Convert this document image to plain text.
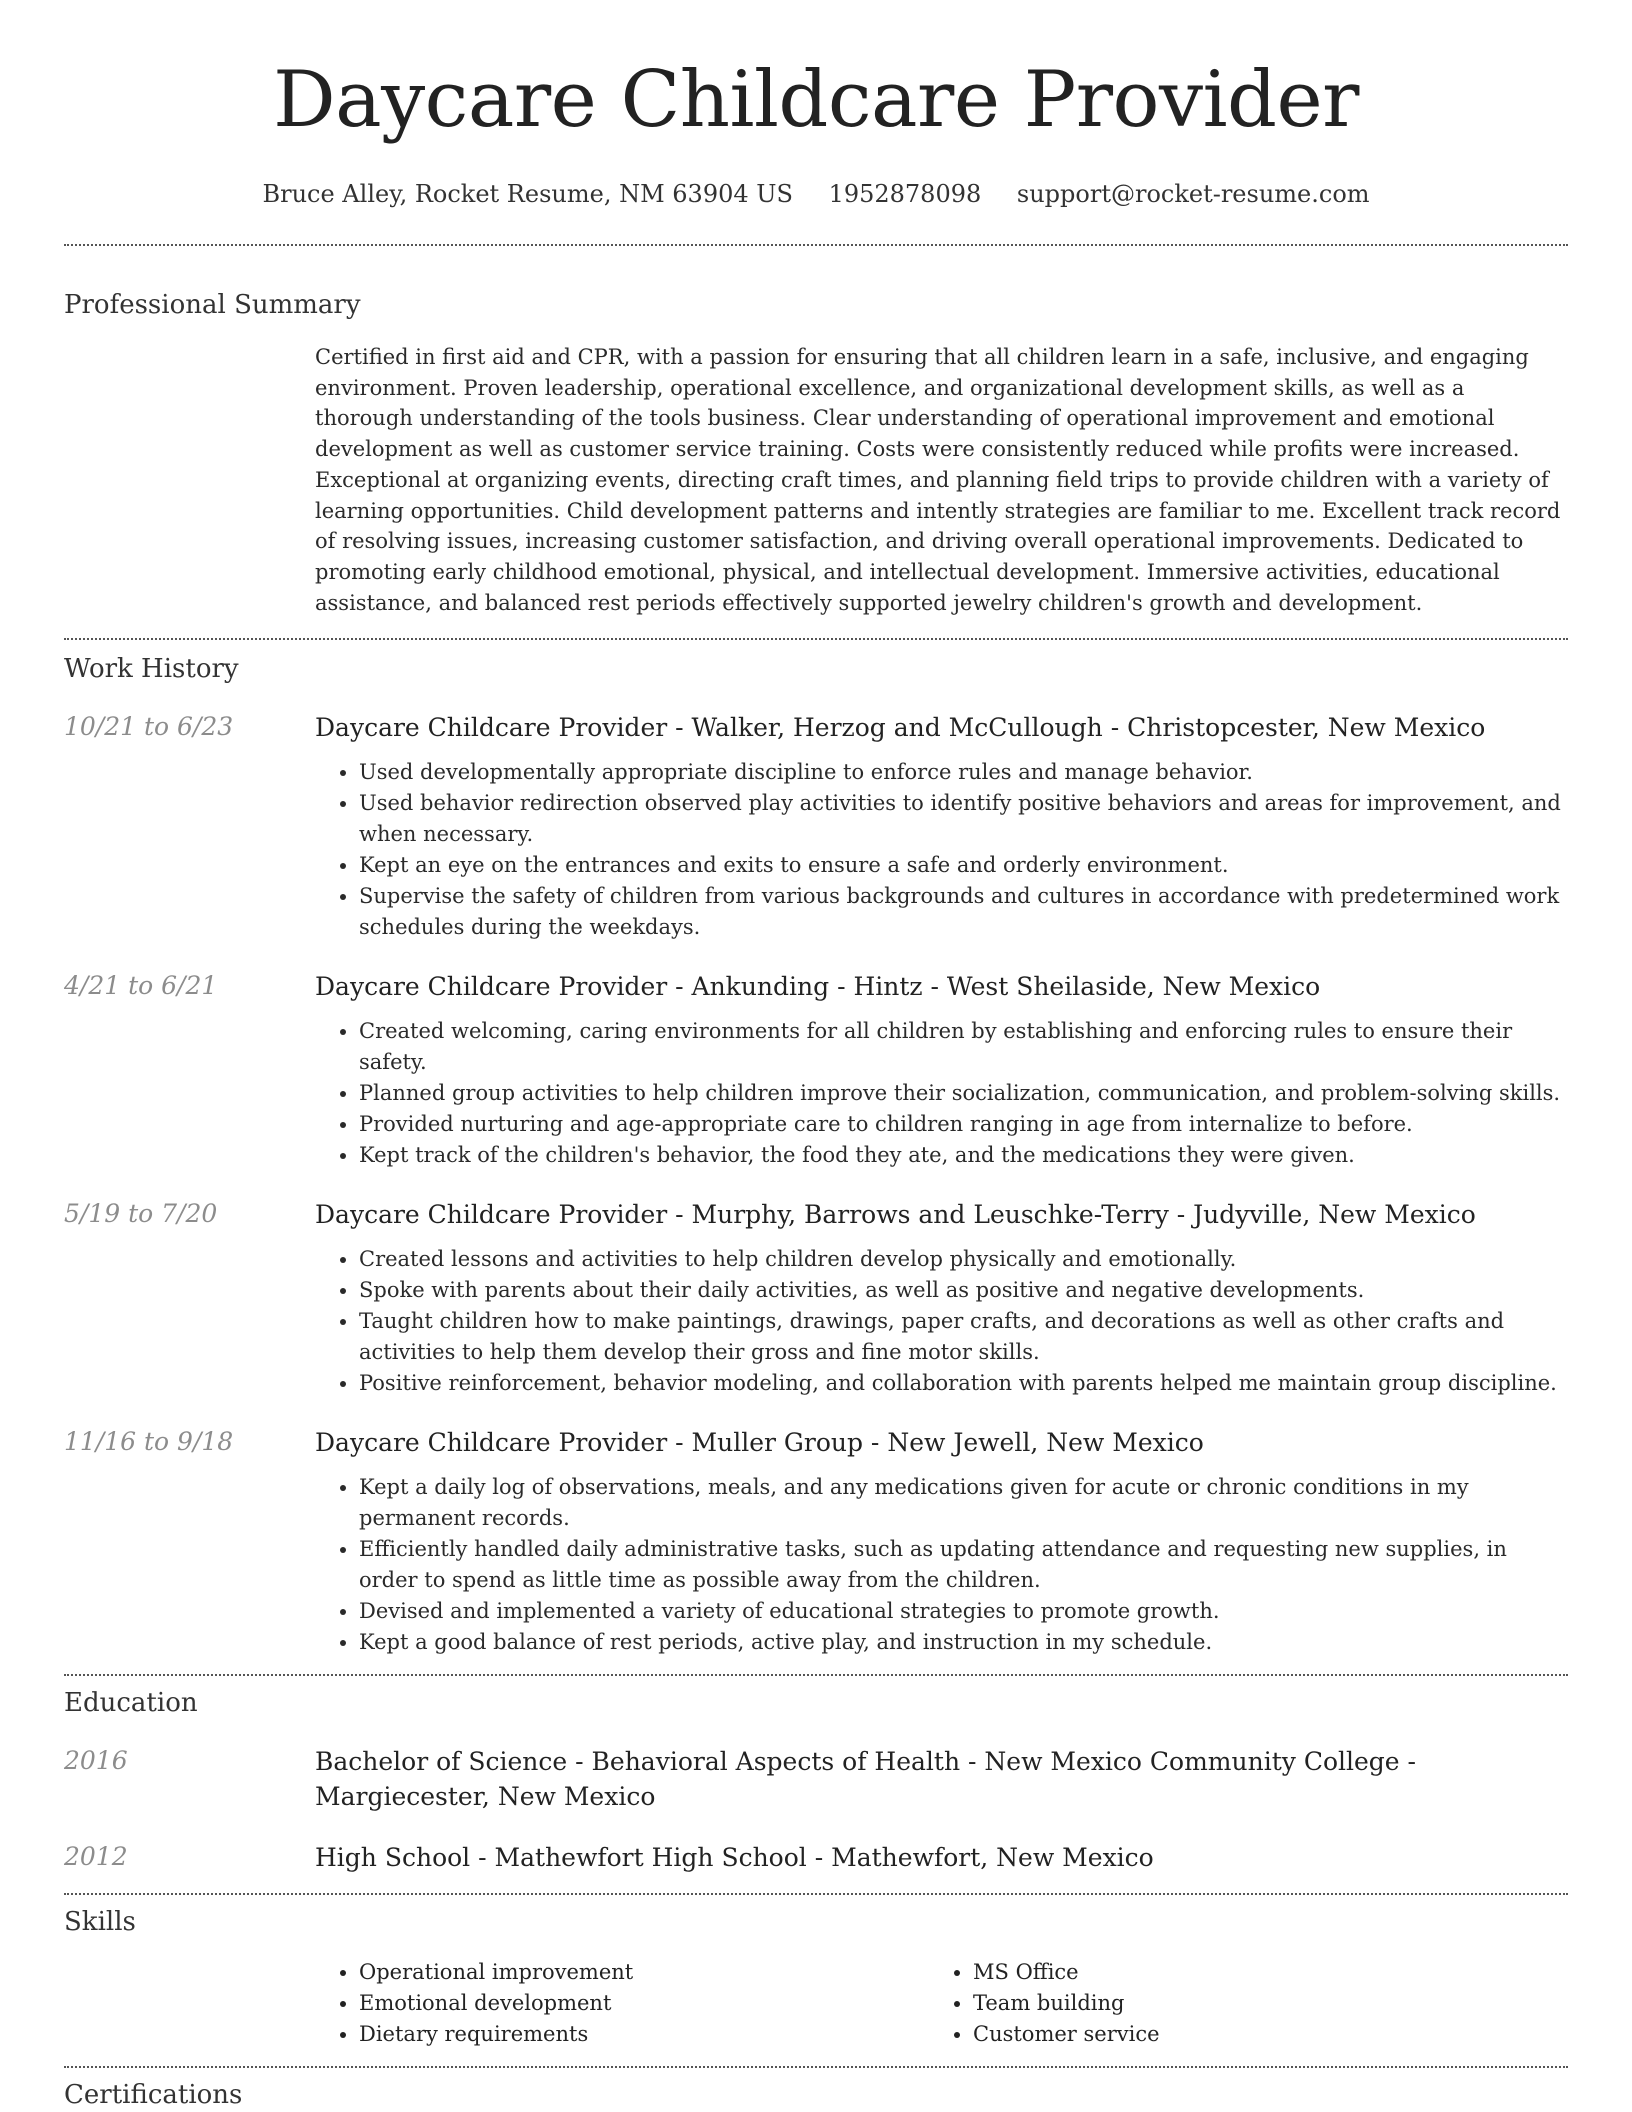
Daycare Childcare Provider
Bruce Alley, Rocket Resume, NM 63904 US 1952878098 support@rocket-resume.com
Professional Summary

Certified in first aid and CPR, with a passion for ensuring that all children learn in a safe, inclusive, and engaging environment. Proven leadership, operational excellence, and organizational development skills, as well as a thorough understanding of the tools business. Clear understanding of operational improvement and emotional development as well as customer service training. Costs were consistently reduced while profits were increased. Exceptional at organizing events, directing craft times, and planning field trips to provide children with a variety of learning opportunities. Child development patterns and intently strategies are familiar to me. Excellent track record of resolving issues, increasing customer satisfaction, and driving overall operational improvements. Dedicated to promoting early childhood emotional, physical, and intellectual development. Immersive activities, educational assistance, and balanced rest periods effectively supported jewelry children's growth and development.

Work History
10/21 to 6/23	Daycare Childcare Provider - Walker, Herzog and McCullough - Christopcester, New Mexico
• Used developmentally appropriate discipline to enforce rules and manage behavior.
• Used behavior redirection observed play activities to identify positive behaviors and areas for improvement, and when necessary.
• Kept an eye on the entrances and exits to ensure a safe and orderly environment.
• Supervise the safety of children from various backgrounds and cultures in accordance with predetermined work schedules during the weekdays.
4/21 to 6/21	Daycare Childcare Provider - Ankunding - Hintz - West Sheilaside, New Mexico
• Created welcoming, caring environments for all children by establishing and enforcing rules to ensure their safety.
• Planned group activities to help children improve their socialization, communication, and problem-solving skills.
• Provided nurturing and age-appropriate care to children ranging in age from internalize to before.
• Kept track of the children's behavior, the food they ate, and the medications they were given.
5/19 to 7/20	Daycare Childcare Provider - Murphy, Barrows and Leuschke-Terry - Judyville, New Mexico
• Created lessons and activities to help children develop physically and emotionally.
• Spoke with parents about their daily activities, as well as positive and negative developments.
• Taught children how to make paintings, drawings, paper crafts, and decorations as well as other crafts and activities to help them develop their gross and fine motor skills.
• Positive reinforcement, behavior modeling, and collaboration with parents helped me maintain group discipline.
11/16 to 9/18	Daycare Childcare Provider - Muller Group - New Jewell, New Mexico
• Kept a daily log of observations, meals, and any medications given for acute or chronic conditions in my permanent records.
• Efficiently handled daily administrative tasks, such as updating attendance and requesting new supplies, in order to spend as little time as possible away from the children.
• Devised and implemented a variety of educational strategies to promote growth.
• Kept a good balance of rest periods, active play, and instruction in my schedule.
Education
2016	Bachelor of Science - Behavioral Aspects of Health - New Mexico Community College - Margiecester, New Mexico
2012	High School - Mathewfort High School - Mathewfort, New Mexico
Skills
• Operational improvement
• Emotional development
• Dietary requirements
• MS Office
• Team building
• Customer service
Certifications
